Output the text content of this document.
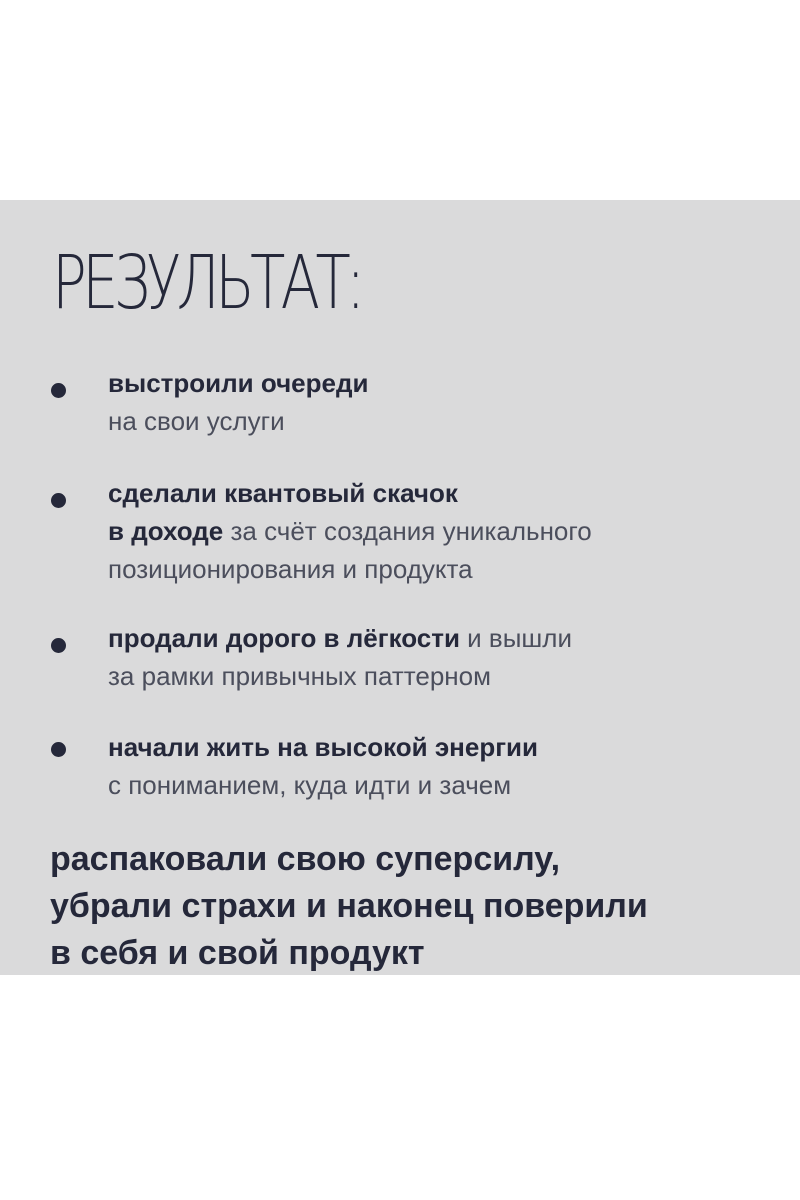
РЕЗУЛЬТАТ:
выстроили очереди
на свои услуги
сделали квантовый скачок
в доходе за счёт создания уникального
позиционирования и продукта
продали дорого в лёгкости и вышли
за рамки привычных паттерном
начали жить на высокой энергии
с пониманием, куда идти и зачем

распаковали свою суперсилу,
убрали страхи и наконец поверили
в себя и свой продукт
